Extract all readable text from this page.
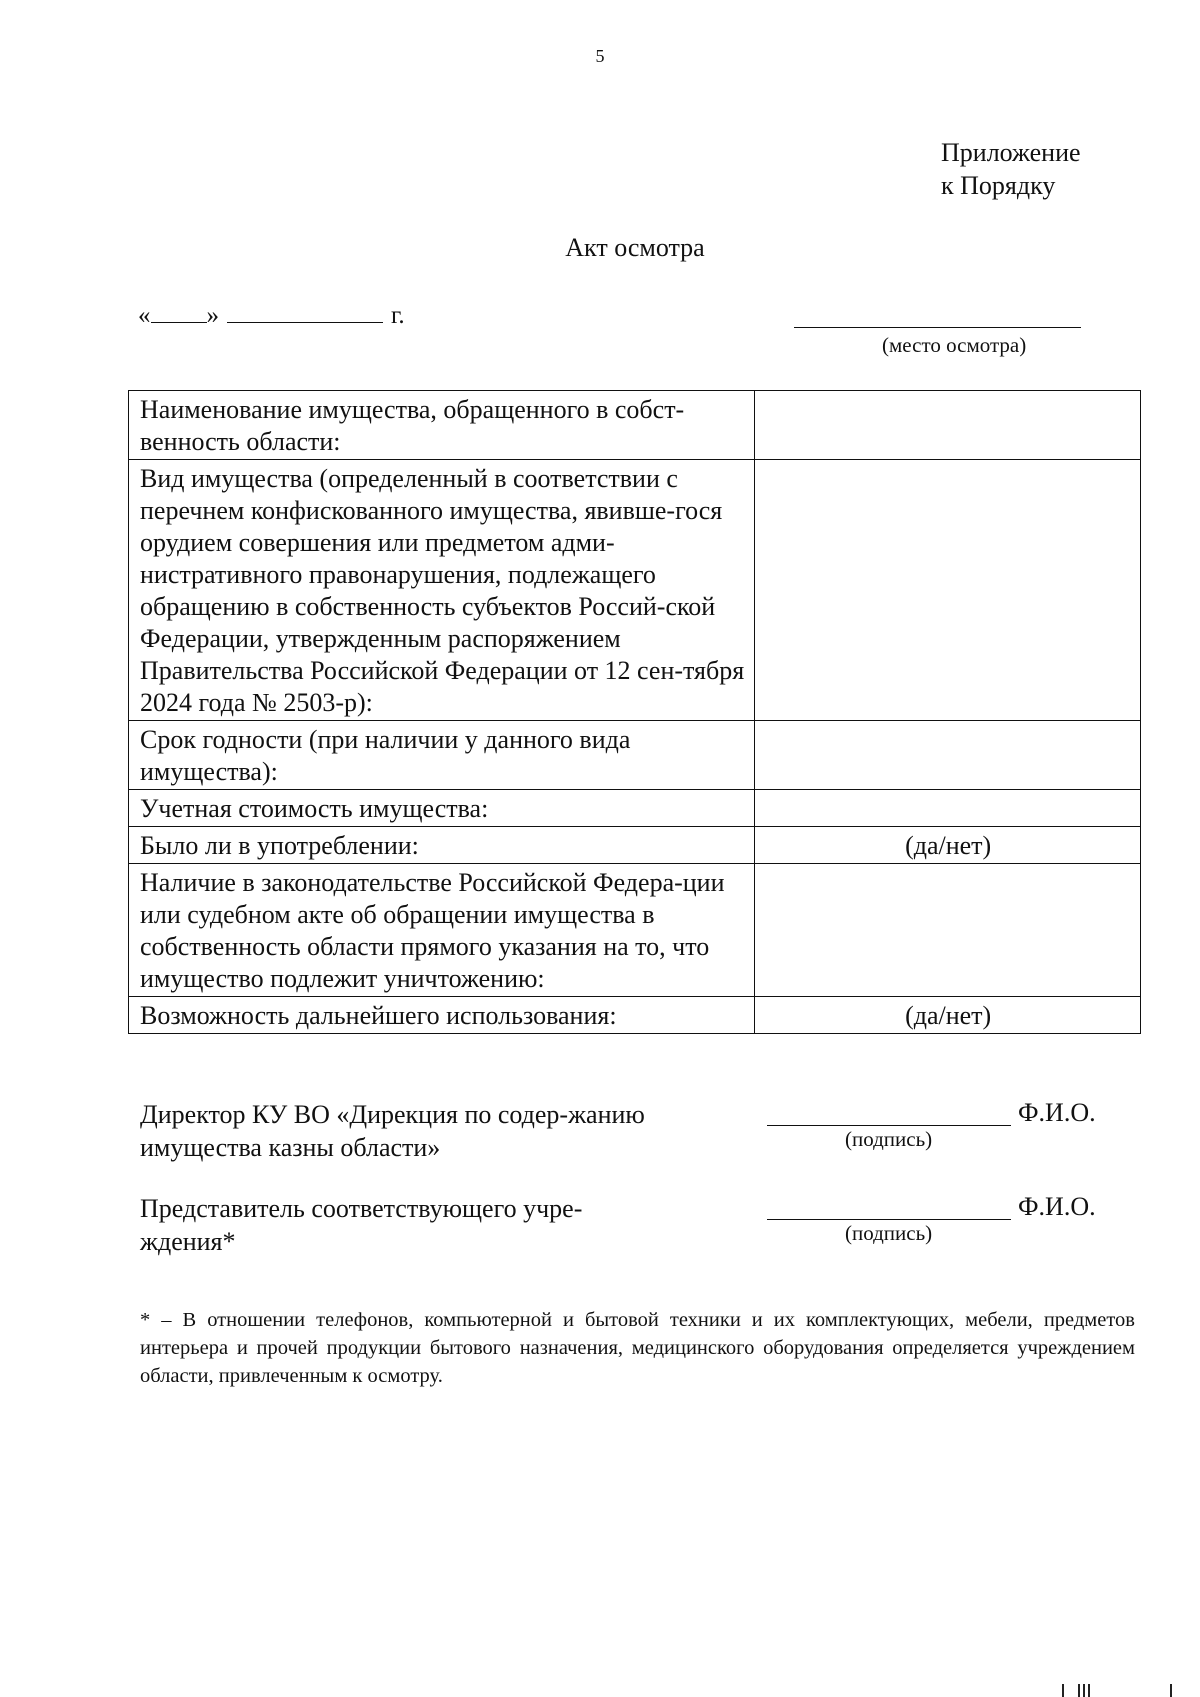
5
Приложение
к Порядку
Акт осмотра
« »	г.
(место осмотра)
Наименование имущества, обращенного в собст-венность области:	
Вид имущества (определенный в соответствии с перечнем конфискованного имущества, явивше-гося орудием совершения или предметом адми-нистративного правонарушения, подлежащего обращению в собственность субъектов Россий-ской Федерации, утвержденным распоряжением Правительства Российской Федерации от 12 сен-тября 2024 года № 2503-р):	
Срок годности (при наличии у данного вида имущества):	
Учетная стоимость имущества:	
Было ли в употреблении:	(да/нет)
Наличие в законодательстве Российской Федера-ции или судебном акте об обращении имущества в собственность области прямого указания на то, что имущество подлежит уничтожению:	
Возможность дальнейшего использования:	(да/нет)
Директор КУ ВО «Дирекция по содер-жанию имущества казны области»	(подпись)
Ф.И.О.
Представитель соответствующего учре-ждения*	(подпись)
Ф.И.О.
* – В отношении телефонов, компьютерной и бытовой техники и их комплектующих, мебели, предметов интерьера и прочей продукции бытового назначения, медицинского оборудования определяется учреждением области, привлеченным к осмотру.
